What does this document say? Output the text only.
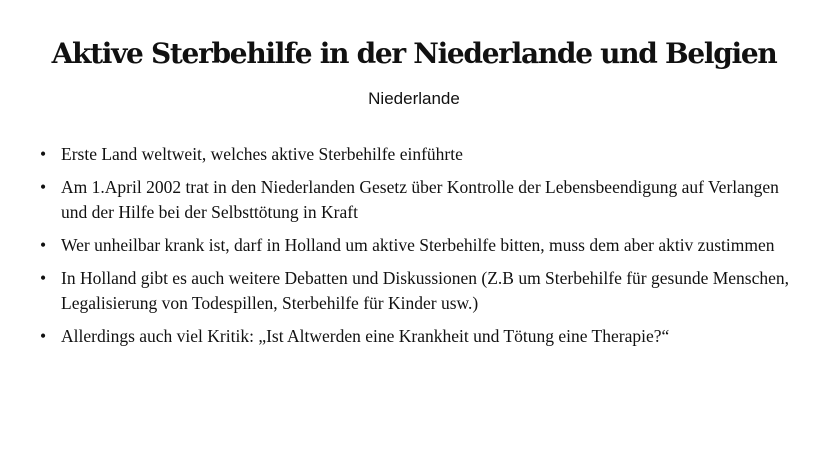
Aktive Sterbehilfe in der Niederlande und Belgien
Niederlande
• Erste Land weltweit, welches aktive Sterbehilfe einführte
• Am 1.April 2002 trat in den Niederlanden Gesetz über Kontrolle der Lebensbeendigung auf Verlangen und der Hilfe bei der Selbsttötung in Kraft
• Wer unheilbar krank ist, darf in Holland um aktive Sterbehilfe bitten, muss dem aber aktiv zustimmen
• In Holland gibt es auch weitere Debatten und Diskussionen (Z.B um Sterbehilfe für gesunde Menschen, Legalisierung von Todespillen, Sterbehilfe für Kinder usw.)
• Allerdings auch viel Kritik: „Ist Altwerden eine Krankheit und Tötung eine Therapie?“
